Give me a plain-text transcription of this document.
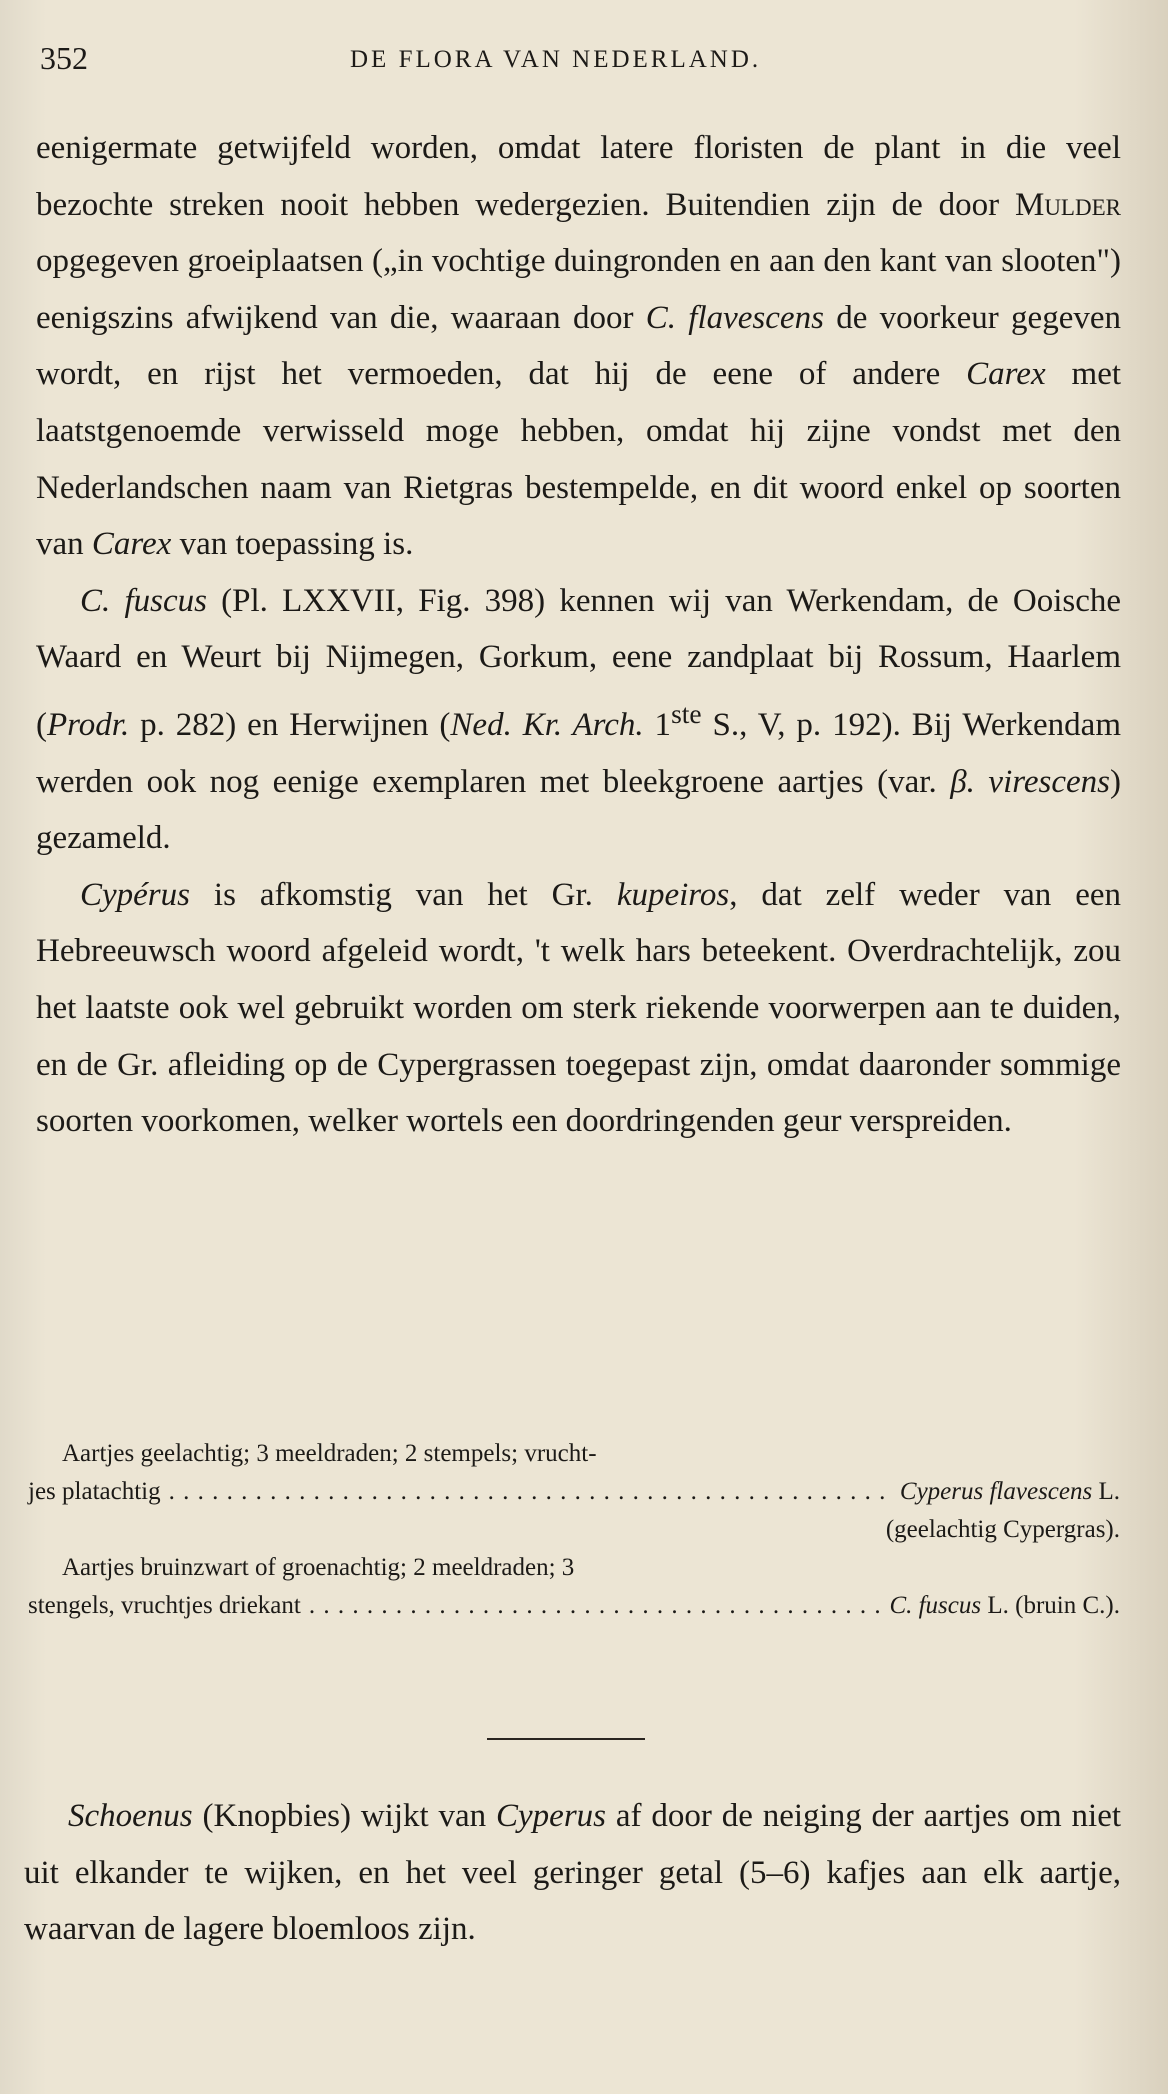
352	DE FLORA VAN NEDERLAND.

eenigermate getwijfeld worden, omdat latere floristen de plant in die veel bezochte streken nooit hebben wedergezien. Buitendien zijn de door Mulder opgegeven groeiplaatsen („in vochtige duingronden en aan den kant van slooten") eenigszins afwijkend van die, waaraan door C. flavescens de voorkeur gegeven wordt, en rijst het vermoeden, dat hij de eene of andere Carex met laatstgenoemde verwisseld moge hebben, omdat hij zijne vondst met den Nederlandschen naam van Rietgras bestempelde, en dit woord enkel op soorten van Carex van toepassing is.

C. fuscus (Pl. LXXVII, Fig. 398) kennen wij van Werkendam, de Ooische Waard en Weurt bij Nijmegen, Gorkum, eene zandplaat bij Rossum, Haarlem (Prodr. p. 282) en Herwijnen (Ned. Kr. Arch. 1ste S., V, p. 192). Bij Werkendam werden ook nog eenige exemplaren met bleekgroene aartjes (var. β. virescens) gezameld.

Cypérus is afkomstig van het Gr. kupeiros, dat zelf weder van een Hebreeuwsch woord afgeleid wordt, 't welk hars beteekent. Overdrachtelijk, zou het laatste ook wel gebruikt worden om sterk riekende voorwerpen aan te duiden, en de Gr. afleiding op de Cypergrassen toegepast zijn, omdat daaronder sommige soorten voorkomen, welker wortels een doordringenden geur verspreiden.

Aartjes geelachtig; 3 meeldraden; 2 stempels; vrucht-
jes platachtig . . .	Cyperus flavescens L.
(geelachtig Cypergras).
Aartjes bruinzwart of groenachtig; 2 meeldraden; 3
stengels, vruchtjes driekant . . .	C. fuscus L. (bruin C.).

Schoenus (Knopbies) wijkt van Cyperus af door de neiging der aartjes om niet uit elkander te wijken, en het veel geringer getal (5–6) kafjes aan elk aartje, waarvan de lagere bloemloos zijn.
